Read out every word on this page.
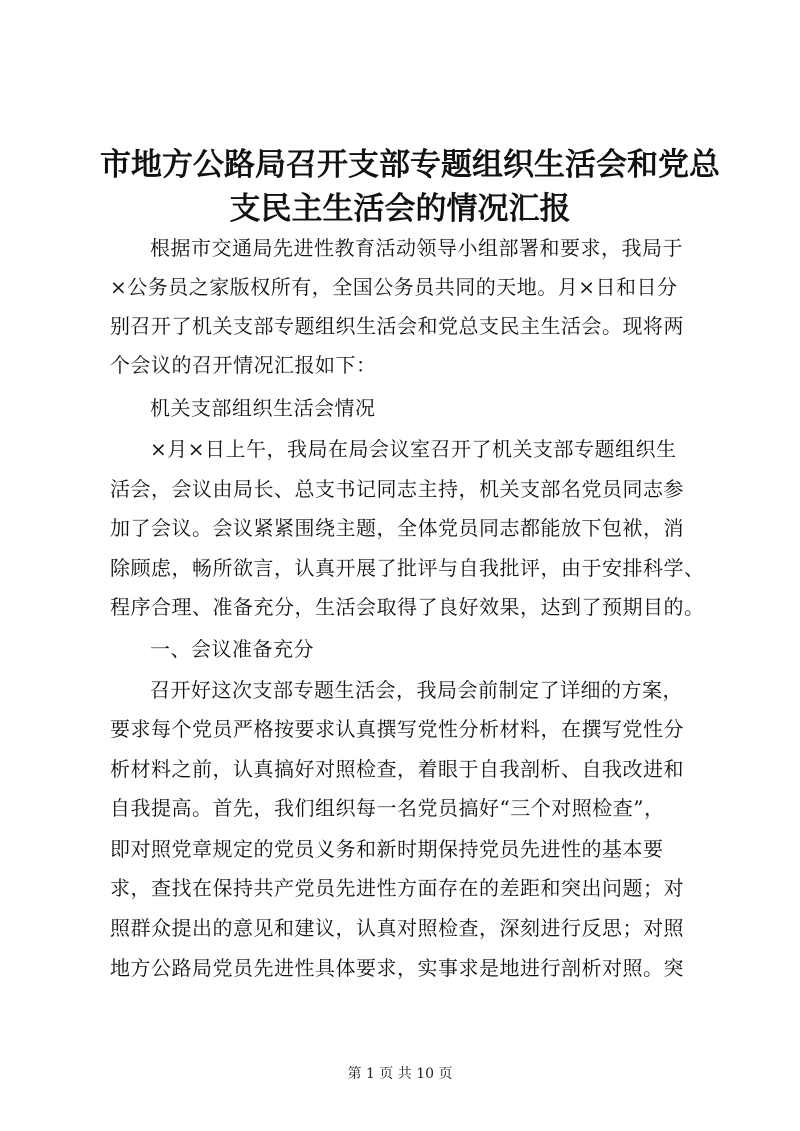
市地方公路局召开支部专题组织生活会和党总
支民主生活会的情况汇报
根据市交通局先进性教育活动领导小组部署和要求，我局于
×公务员之家版权所有，全国公务员共同的天地。月×日和日分
别召开了机关支部专题组织生活会和党总支民主生活会。现将两
个会议的召开情况汇报如下：
机关支部组织生活会情况
×月×日上午，我局在局会议室召开了机关支部专题组织生
活会，会议由局长、总支书记同志主持，机关支部名党员同志参
加了会议。会议紧紧围绕主题，全体党员同志都能放下包袱，消
除顾虑，畅所欲言，认真开展了批评与自我批评，由于安排科学、
程序合理、准备充分，生活会取得了良好效果，达到了预期目的。
一、会议准备充分
召开好这次支部专题生活会，我局会前制定了详细的方案，
要求每个党员严格按要求认真撰写党性分析材料，在撰写党性分
析材料之前，认真搞好对照检查，着眼于自我剖析、自我改进和
自我提高。首先，我们组织每一名党员搞好“三个对照检查”，
即对照党章规定的党员义务和新时期保持党员先进性的基本要
求，查找在保持共产党员先进性方面存在的差距和突出问题；对
照群众提出的意见和建议，认真对照检查，深刻进行反思；对照
地方公路局党员先进性具体要求，实事求是地进行剖析对照。突
第 1 页 共 10 页
